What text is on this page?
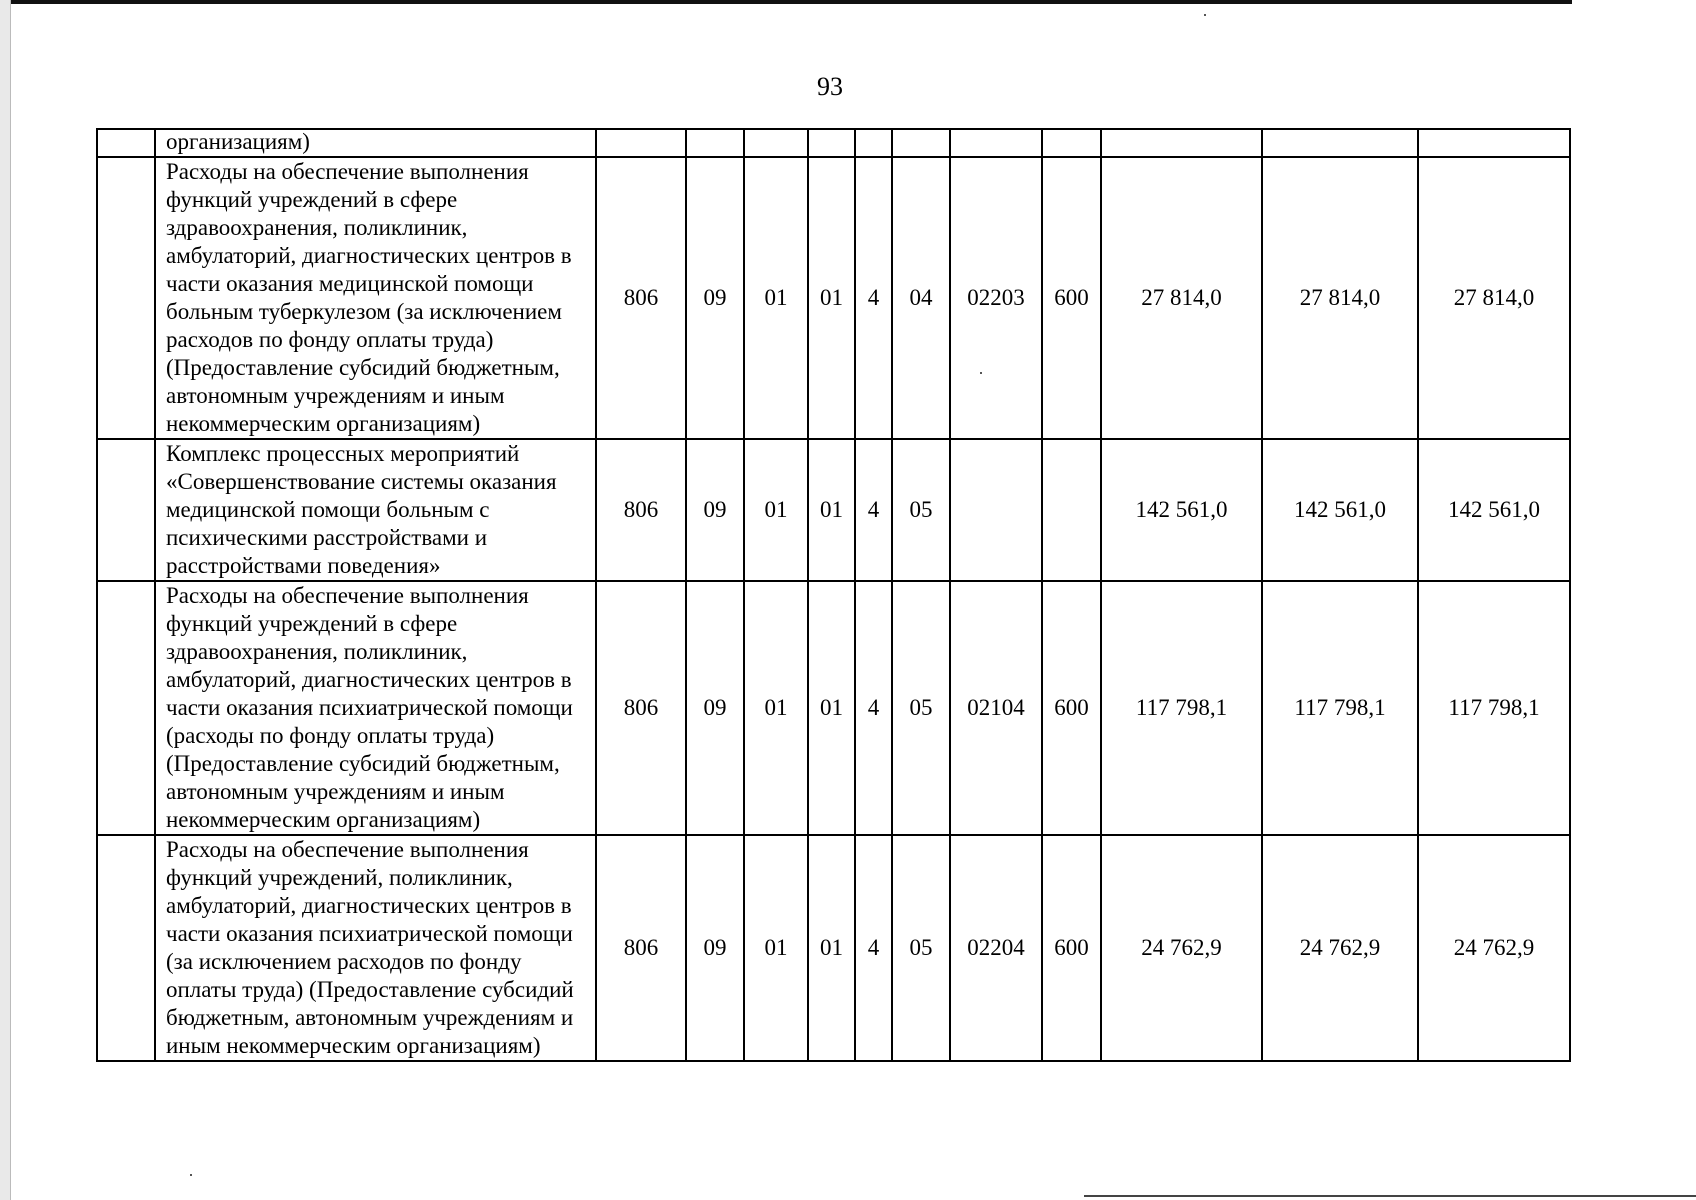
93
	организациям)											
	Расходы на обеспечение выполнения функций учреждений в сфере здравоохранения, поликлиник, амбулаторий, диагностических центров в части оказания медицинской помощи больным туберкулезом (за исключением расходов по фонду оплаты труда) (Предоставление субсидий бюджетным, автономным учреждениям и иным некоммерческим организациям)	806	09	01	01	4	04	02203	600	27 814,0	27 814,0	27 814,0
	Комплекс процессных мероприятий «Совершенствование системы оказания медицинской помощи больным с психическими расстройствами и расстройствами поведения»	806	09	01	01	4	05			142 561,0	142 561,0	142 561,0
	Расходы на обеспечение выполнения функций учреждений в сфере здравоохранения, поликлиник, амбулаторий, диагностических центров в части оказания психиатрической помощи (расходы по фонду оплаты труда) (Предоставление субсидий бюджетным, автономным учреждениям и иным некоммерческим организациям)	806	09	01	01	4	05	02104	600	117 798,1	117 798,1	117 798,1
	Расходы на обеспечение выполнения функций учреждений, поликлиник, амбулаторий, диагностических центров в части оказания психиатрической помощи (за исключением расходов по фонду оплаты труда) (Предоставление субсидий бюджетным, автономным учреждениям и иным некоммерческим организациям)	806	09	01	01	4	05	02204	600	24 762,9	24 762,9	24 762,9
